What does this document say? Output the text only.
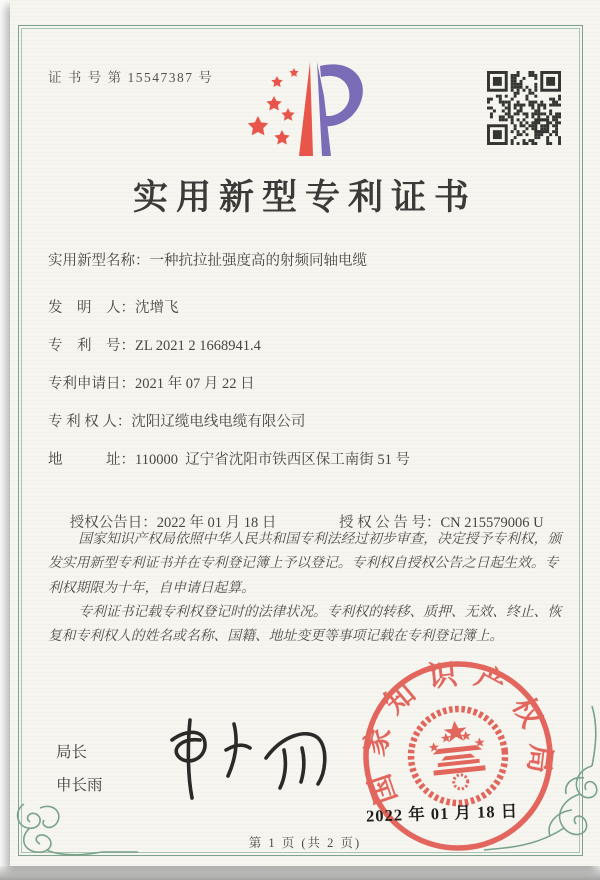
证 书 号 第 15547387 号
实用新型专利证书
实用新型名称： 一种抗拉扯强度高的射频同轴电缆
发　明　人： 沈增飞
专　利　号： ZL 2021 2 1668941.4
专利申请日： 2021 年 07 月 22 日
专 利 权 人： 沈阳辽缆电线电缆有限公司
地　　　址： 110000  辽宁省沈阳市铁西区保工南街 51 号

授权公告日：2022 年 01 月 18 日
	授 权 公 告 号：CN 215579006 U

国家知识产权局依照中华人民共和国专利法经过初步审查，决定授予专利权，颁发实用新型专利证书并在专利登记簿上予以登记。专利权自授权公告之日起生效。专利权期限为十年，自申请日起算。

专利证书记载专利权登记时的法律状况。专利权的转移、质押、无效、终止、恢复和专利权人的姓名或名称、国籍、地址变更等事项记载在专利登记簿上。

局长
申长雨	国家知识产权局
2022 年 01 月 18 日
第 1 页 (共 2 页)
